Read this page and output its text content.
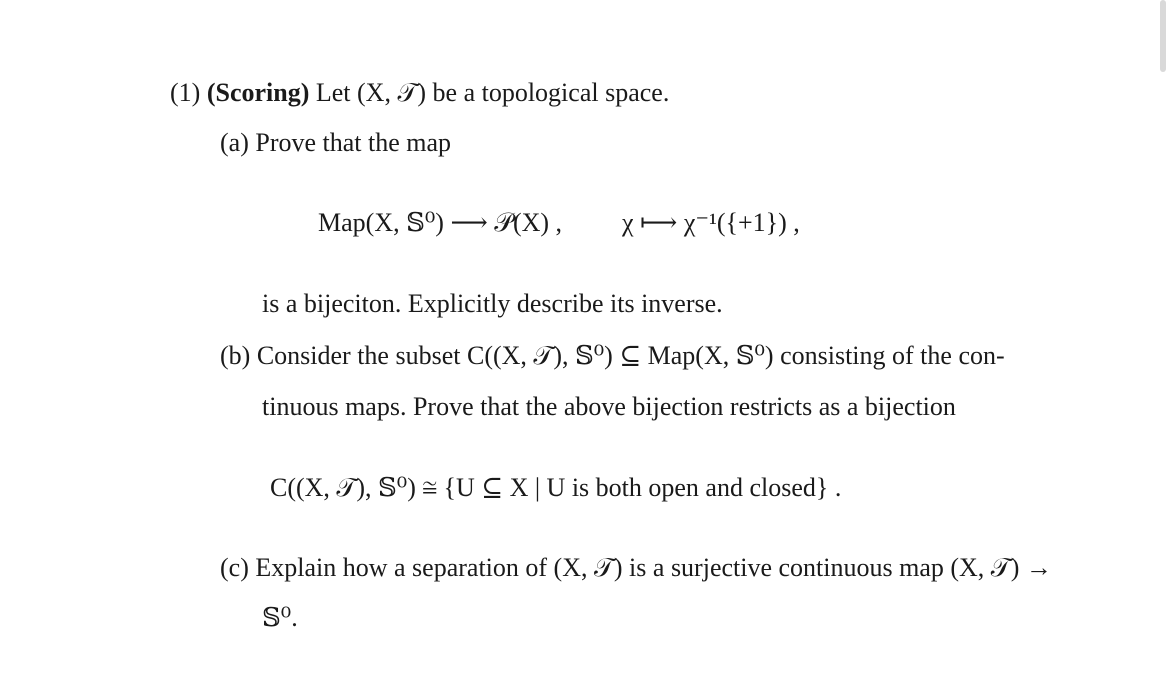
(1) (Scoring) Let (X, 𝒯) be a topological space.
(a) Prove that the map
Map(X, 𝕊⁰) ⟶ 𝒫(X) , χ ⟼ χ⁻¹({+1}) ,
is a bijeciton. Explicitly describe its inverse.
(b) Consider the subset C((X, 𝒯), 𝕊⁰) ⊆ Map(X, 𝕊⁰) consisting of the con-
tinuous maps. Prove that the above bijection restricts as a bijection
C((X, 𝒯), 𝕊⁰) ≅ {U ⊆ X | U is both open and closed} .
(c) Explain how a separation of (X, 𝒯) is a surjective continuous map (X, 𝒯) →
𝕊⁰.
